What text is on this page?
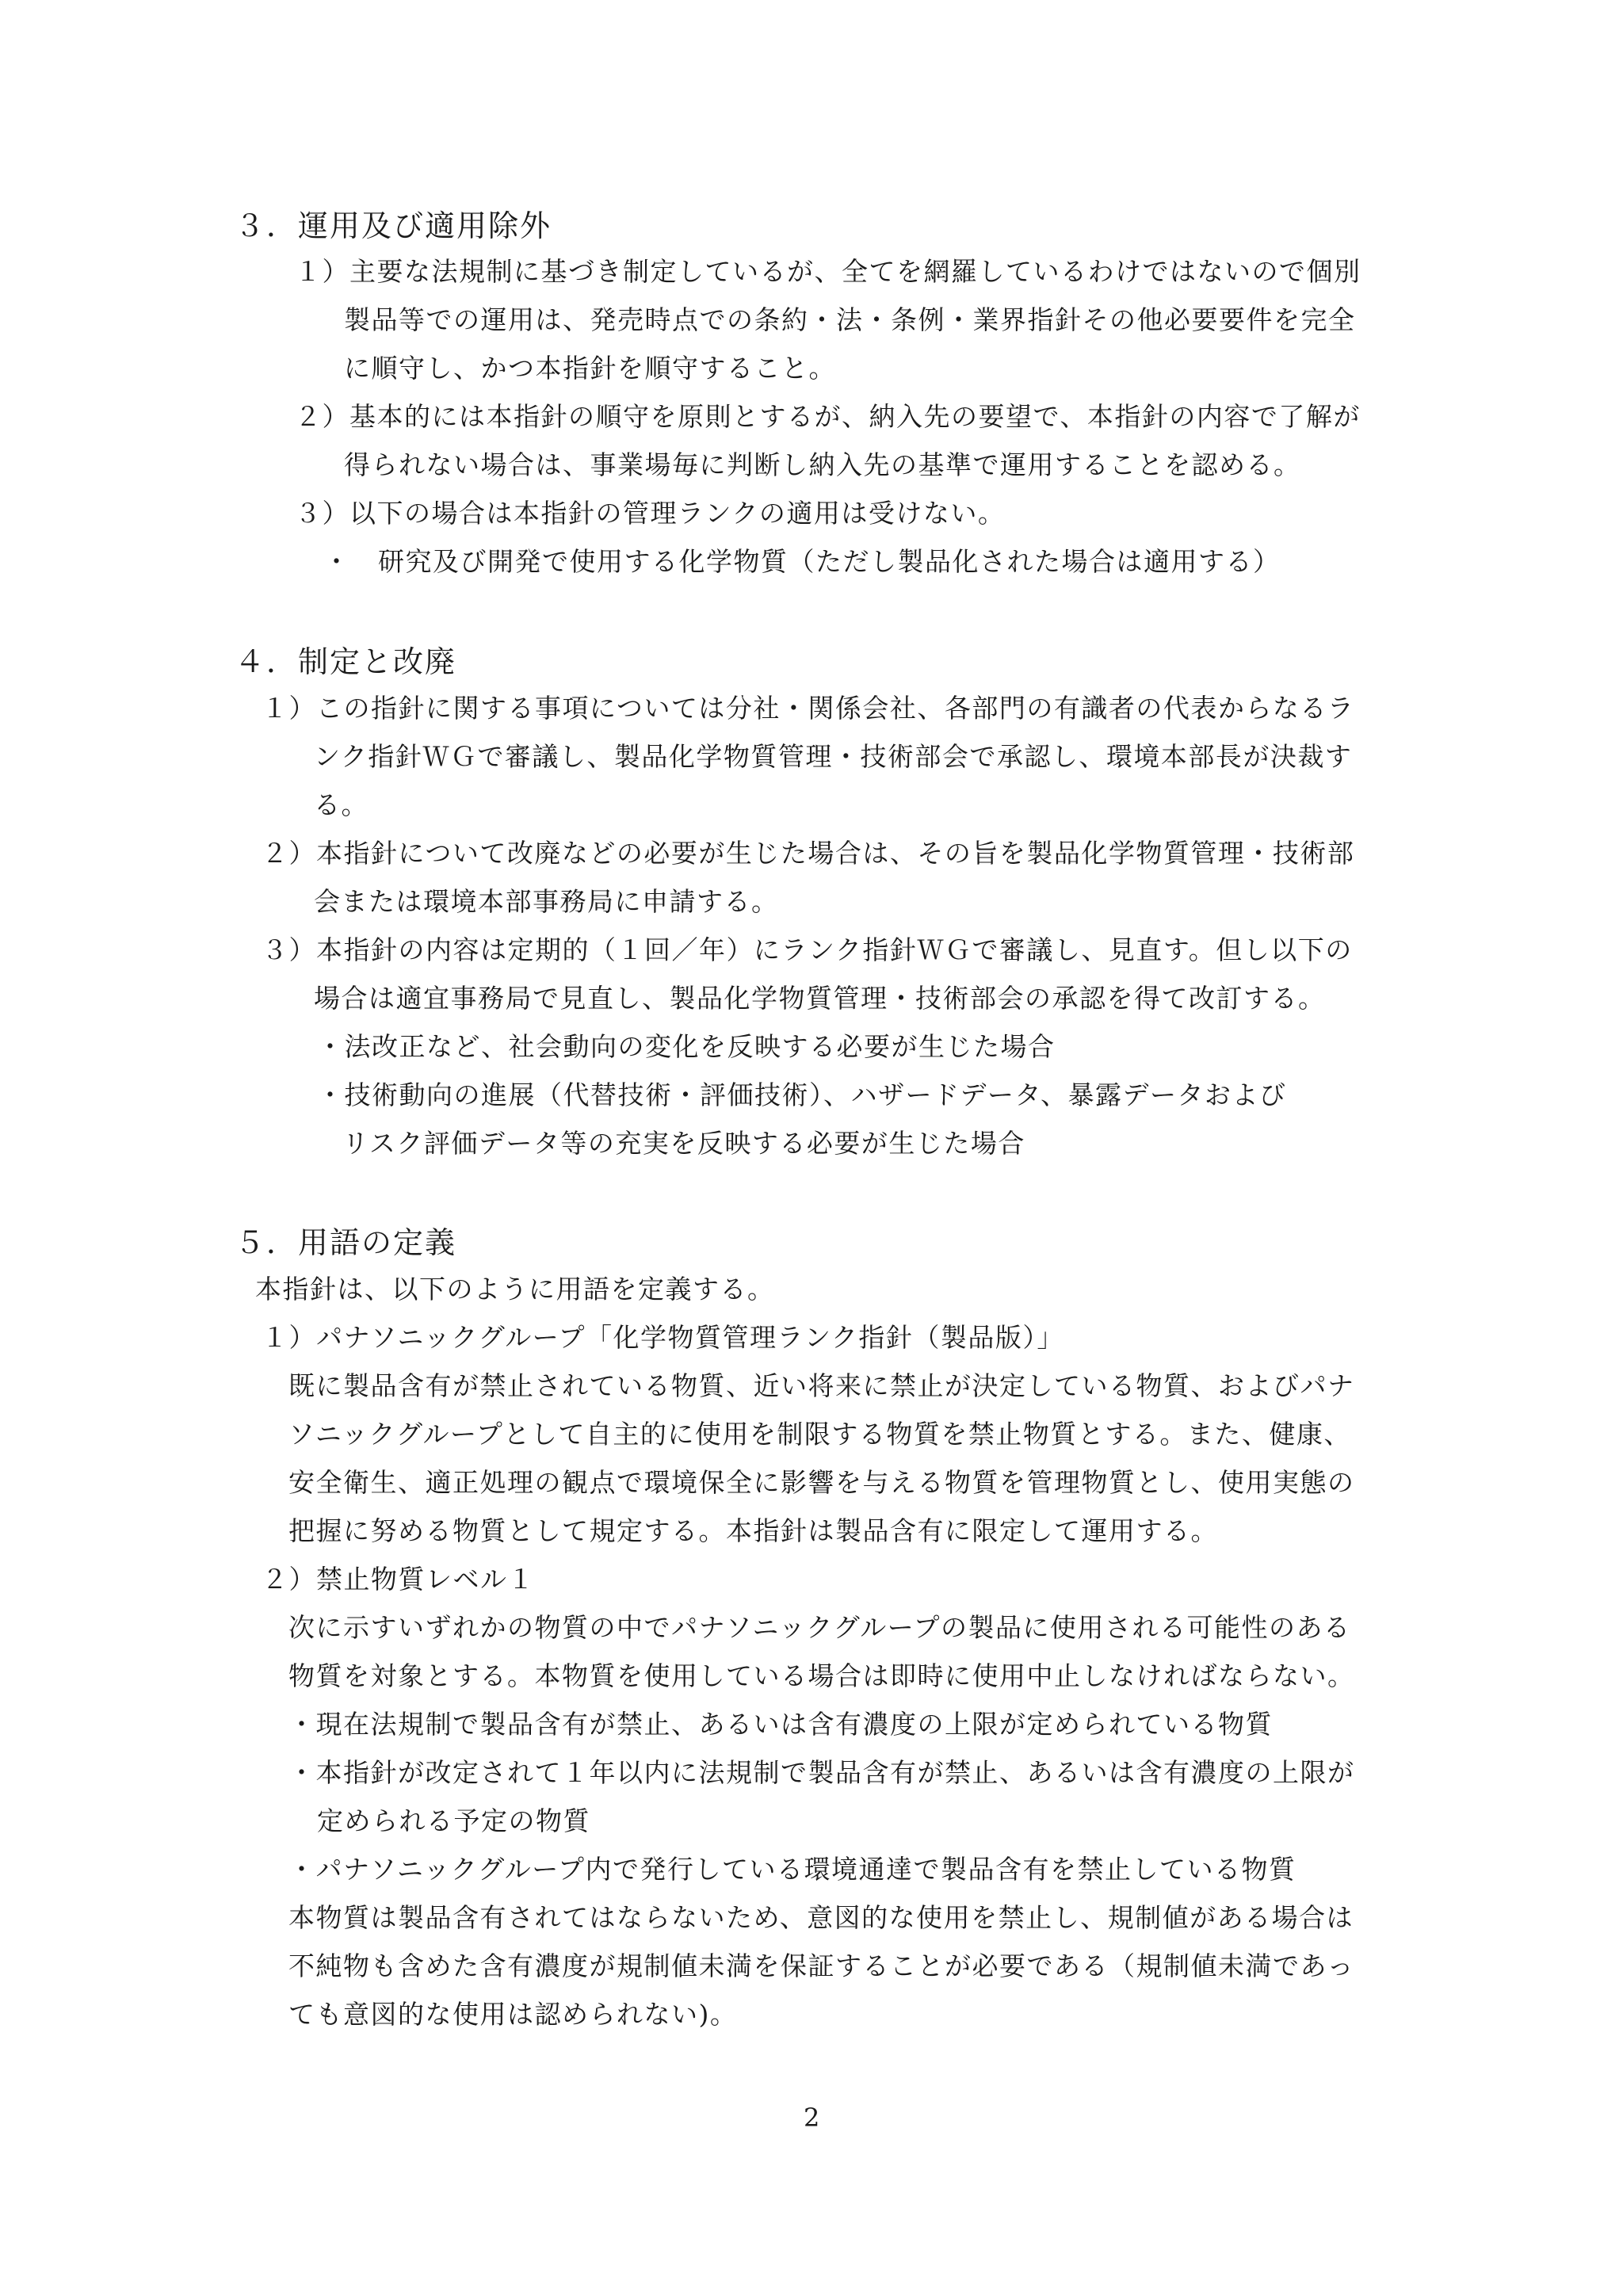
３．運用及び適用除外
１）主要な法規制に基づき制定しているが、全てを網羅しているわけではないので個別
製品等での運用は、発売時点での条約・法・条例・業界指針その他必要要件を完全
に順守し、かつ本指針を順守すること。
２）基本的には本指針の順守を原則とするが、納入先の要望で、本指針の内容で了解が
得られない場合は、事業場毎に判断し納入先の基準で運用することを認める。
３）以下の場合は本指針の管理ランクの適用は受けない。
・　研究及び開発で使用する化学物質（ただし製品化された場合は適用する）
４．制定と改廃
１）この指針に関する事項については分社・関係会社、各部門の有識者の代表からなるラ
ンク指針ＷＧで審議し、製品化学物質管理・技術部会で承認し、環境本部長が決裁す
る。
２）本指針について改廃などの必要が生じた場合は、その旨を製品化学物質管理・技術部
会または環境本部事務局に申請する。
３）本指針の内容は定期的（１回／年）にランク指針ＷＧで審議し、見直す。但し以下の
場合は適宜事務局で見直し、製品化学物質管理・技術部会の承認を得て改訂する。
・法改正など、社会動向の変化を反映する必要が生じた場合
・技術動向の進展（代替技術・評価技術）、ハザードデータ、暴露データおよび
リスク評価データ等の充実を反映する必要が生じた場合
５．用語の定義
本指針は、以下のように用語を定義する。
１）パナソニックグループ「化学物質管理ランク指針（製品版）」
既に製品含有が禁止されている物質、近い将来に禁止が決定している物質、およびパナ
ソニックグループとして自主的に使用を制限する物質を禁止物質とする。また、健康、
安全衛生、適正処理の観点で環境保全に影響を与える物質を管理物質とし、使用実態の
把握に努める物質として規定する。本指針は製品含有に限定して運用する。
２）禁止物質レベル１
次に示すいずれかの物質の中でパナソニックグループの製品に使用される可能性のある
物質を対象とする。本物質を使用している場合は即時に使用中止しなければならない。
・現在法規制で製品含有が禁止、あるいは含有濃度の上限が定められている物質
・本指針が改定されて１年以内に法規制で製品含有が禁止、あるいは含有濃度の上限が
定められる予定の物質
・パナソニックグループ内で発行している環境通達で製品含有を禁止している物質
本物質は製品含有されてはならないため、意図的な使用を禁止し、規制値がある場合は
不純物も含めた含有濃度が規制値未満を保証することが必要である（規制値未満であっ
ても意図的な使用は認められない)。
2
